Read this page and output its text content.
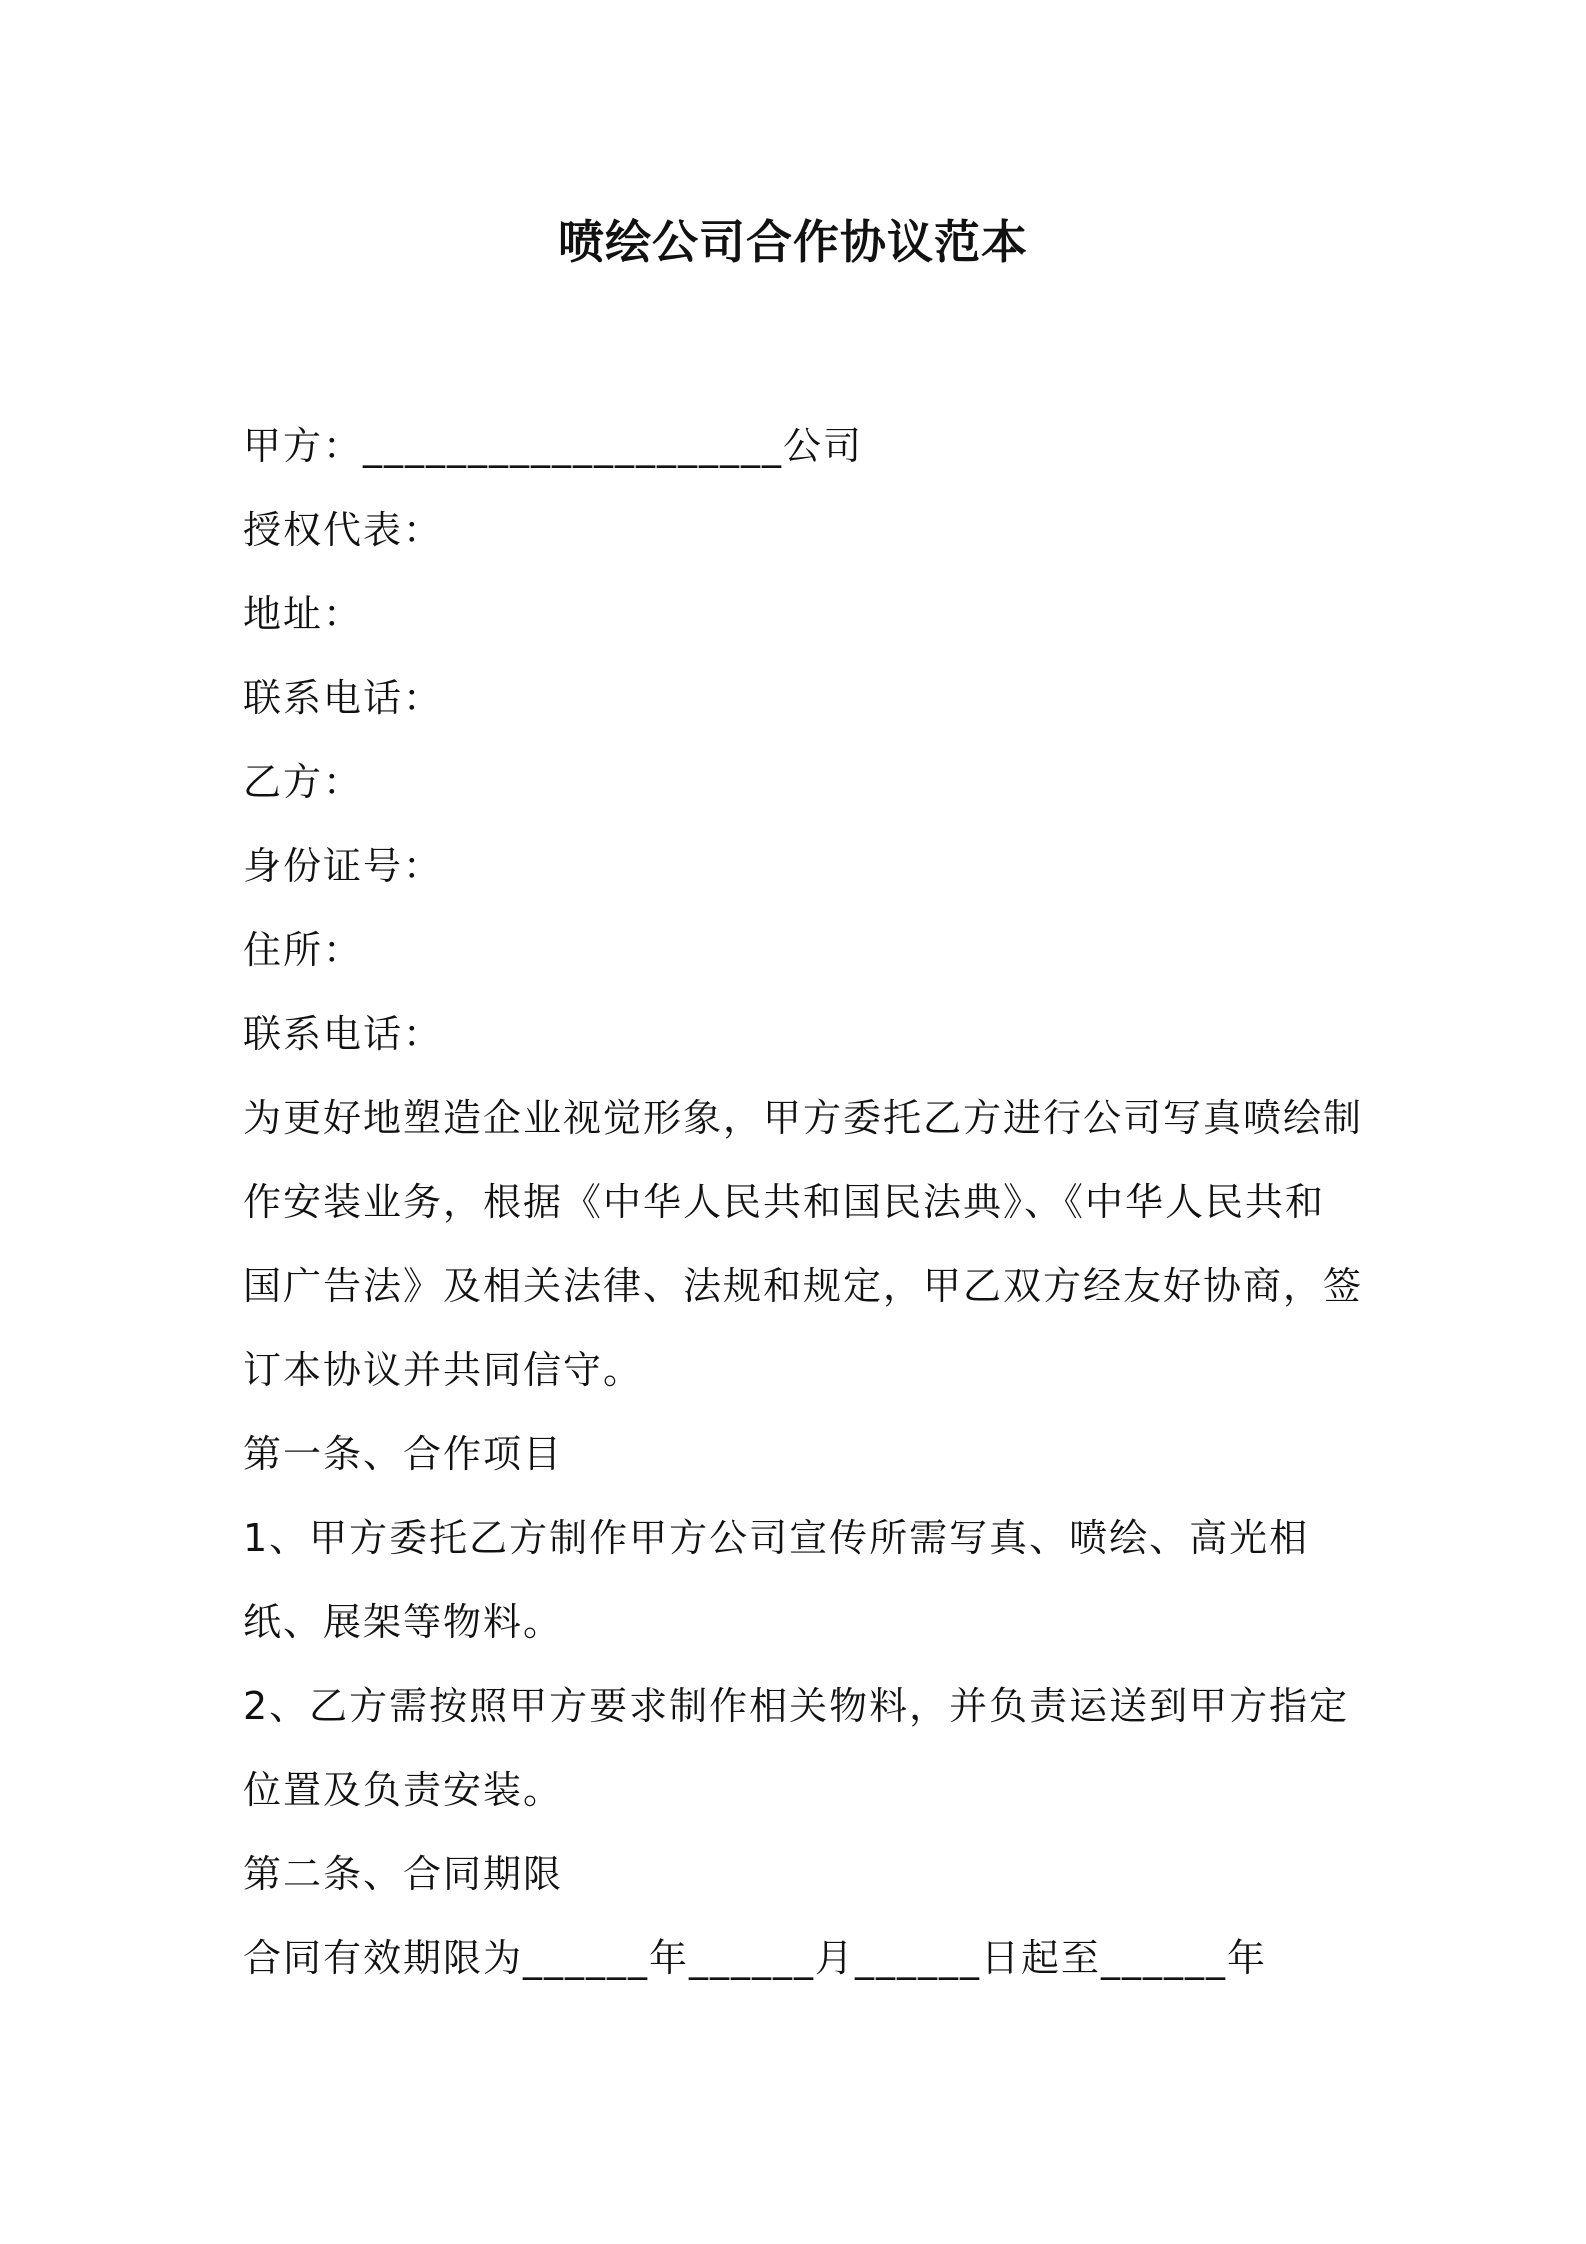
喷绘公司合作协议范本
甲方：____________________公司
授权代表：
地址：
联系电话：
乙方：
身份证号：
住所：
联系电话：
为更好地塑造企业视觉形象，甲方委托乙方进行公司写真喷绘制作安装业务，根据《中华人民共和国民法典》、《中华人民共和国广告法》及相关法律、法规和规定，甲乙双方经友好协商，签订本协议并共同信守。
第一条、合作项目
1、甲方委托乙方制作甲方公司宣传所需写真、喷绘、高光相纸、展架等物料。
2、乙方需按照甲方要求制作相关物料，并负责运送到甲方指定位置及负责安装。
第二条、合同期限
合同有效期限为______年______月______日起至______年
